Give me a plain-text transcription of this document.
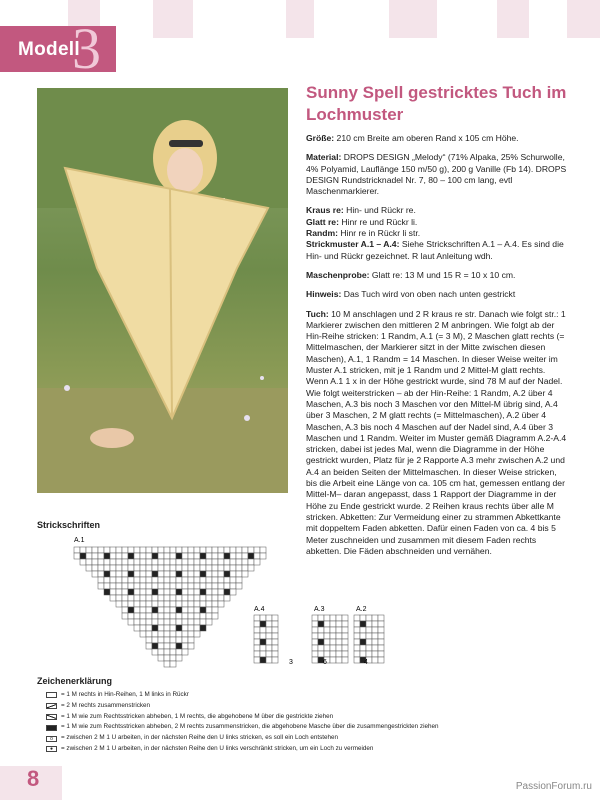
Modell
3
Sunny Spell gestricktes Tuch im Lochmuster

Größe: 210 cm Breite am oberen Rand x 105 cm Höhe.

Material: DROPS DESIGN „Melody“ (71% Alpaka, 25% Schurwolle, 4% Polyamid, Lauflänge 150 m/50 g), 200 g Vanille (Fb 14). DROPS DESIGN Rundstricknadel Nr. 7, 80 – 100 cm lang, evtl Maschenmarkierer.

Kraus re: Hin- und Rückr re.

Glatt re: Hinr re und Rückr li.

Randm: Hinr re in Rückr li str.

Strickmuster A.1 – A.4: Siehe Strickschriften A.1 – A.4. Es sind die Hin- und Rückr gezeichnet. R laut Anleitung wdh.

Maschenprobe: Glatt re: 13 M und 15 R = 10 x 10 cm.

Hinweis: Das Tuch wird von oben nach unten gestrickt

Tuch: 10 M anschlagen und 2 R kraus re str. Danach wie folgt str.: 1 Markierer zwischen den mittleren 2 M anbringen. Wie folgt ab der Hin-Reihe stricken: 1 Randm, A.1 (= 3 M), 2 Maschen glatt rechts (= Mittelmaschen, der Markierer sitzt in der Mitte zwischen diesen Maschen), A.1, 1 Randm = 14 Maschen. In dieser Weise weiter im Muster A.1 stricken, mit je 1 Randm und 2 Mittel-M glatt rechts. Wenn A.1 1 x in der Höhe gestrickt wurde, sind 78 M auf der Nadel. Wie folgt weiterstricken – ab der Hin-Reihe: 1 Randm, A.2 über 4 Maschen, A.3 bis noch 3 Maschen vor den Mittel-M übrig sind, A.4 über 3 Maschen, 2 M glatt rechts (= Mittelmaschen), A.2 über 4 Maschen, A.3 bis noch 4 Maschen auf der Nadel sind, A.4 über 3 Maschen und 1 Randm. Weiter im Muster gemäß Diagramm A.2-A.4 stricken, dabei ist jedes Mal, wenn die Diagramme in der Höhe gestrickt wurden, Platz für je 2 Rapporte A.3 mehr zwischen A.2 und A.4 an beiden Seiten der Mittelmaschen. In dieser Weise stricken, bis die Arbeit eine Länge von ca. 105 cm hat, gemessen entlang der Mittel-M– daran angepasst, dass 1 Rapport der Diagramme in der Höhe zu Ende gestrickt wurde. 2 Reihen kraus rechts über alle M stricken. Abketten: Zur Vermeidung einer zu strammen Abkettkante mit doppeltem Faden abketten. Dafür einen Faden von ca. 4 bis 5 Meter zuschneiden und zusammen mit diesem Faden rechts abketten. Die Fäden abschneiden und vernähen.

Strickschriften
A.1
A.4	A.3	A.2
3	6	4
Zeichenerklärung
= 1 M rechts in Hin-Reihen, 1 M links in Rückr
= 2 M rechts zusammenstricken
= 1 M wie zum Rechtsstricken abheben, 1 M rechts, die abgehobene M über die gestrickte ziehen
= 1 M wie zum Rechtsstricken abheben, 2 M rechts zusammenstricken, die abgehobene Masche über die zusammengestrickten ziehen
o	= zwischen 2 M 1 U arbeiten, in der nächsten Reihe den U links stricken, es soll ein Loch entstehen
●	= zwischen 2 M 1 U arbeiten, in der nächsten Reihe den U links verschränkt stricken, um ein Loch zu vermeiden
8	PassionForum.ru
